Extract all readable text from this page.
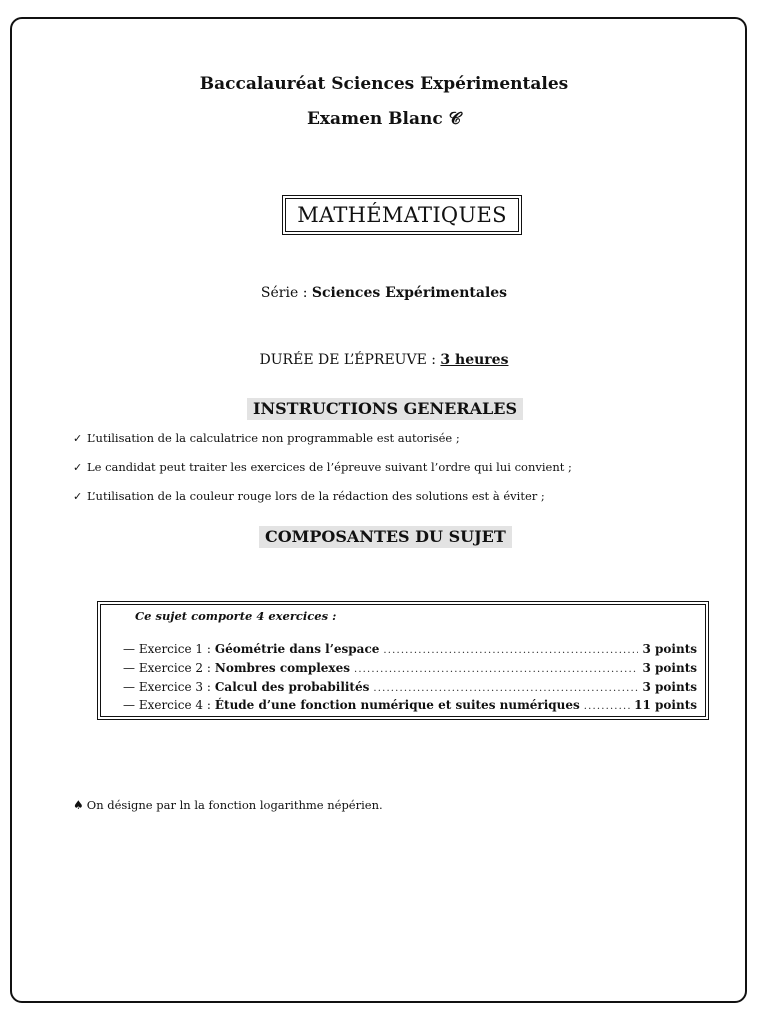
Baccalauréat Sciences Expérimentales
Examen Blanc 𝒞
MATHÉMATIQUES
Série : Sciences Expérimentales
DURÉE DE L’ÉPREUVE : 3 heures
INSTRUCTIONS GENERALES
✓ L’utilisation de la calculatrice non programmable est autorisée ;
✓ Le candidat peut traiter les exercices de l’épreuve suivant l’ordre qui lui convient ;
✓ L’utilisation de la couleur rouge lors de la rédaction des solutions est à éviter ;
COMPOSANTES DU SUJET
Ce sujet comporte 4 exercices :
— Exercice 1 : Géométrie dans l’espace . . .	3 points
— Exercice 2 : Nombres complexes . . .	3 points
— Exercice 3 : Calcul des probabilités . . .	3 points
— Exercice 4 : Étude d’une fonction numérique et suites numériques . . .	11 points
♠ On désigne par ln la fonction logarithme népérien.
